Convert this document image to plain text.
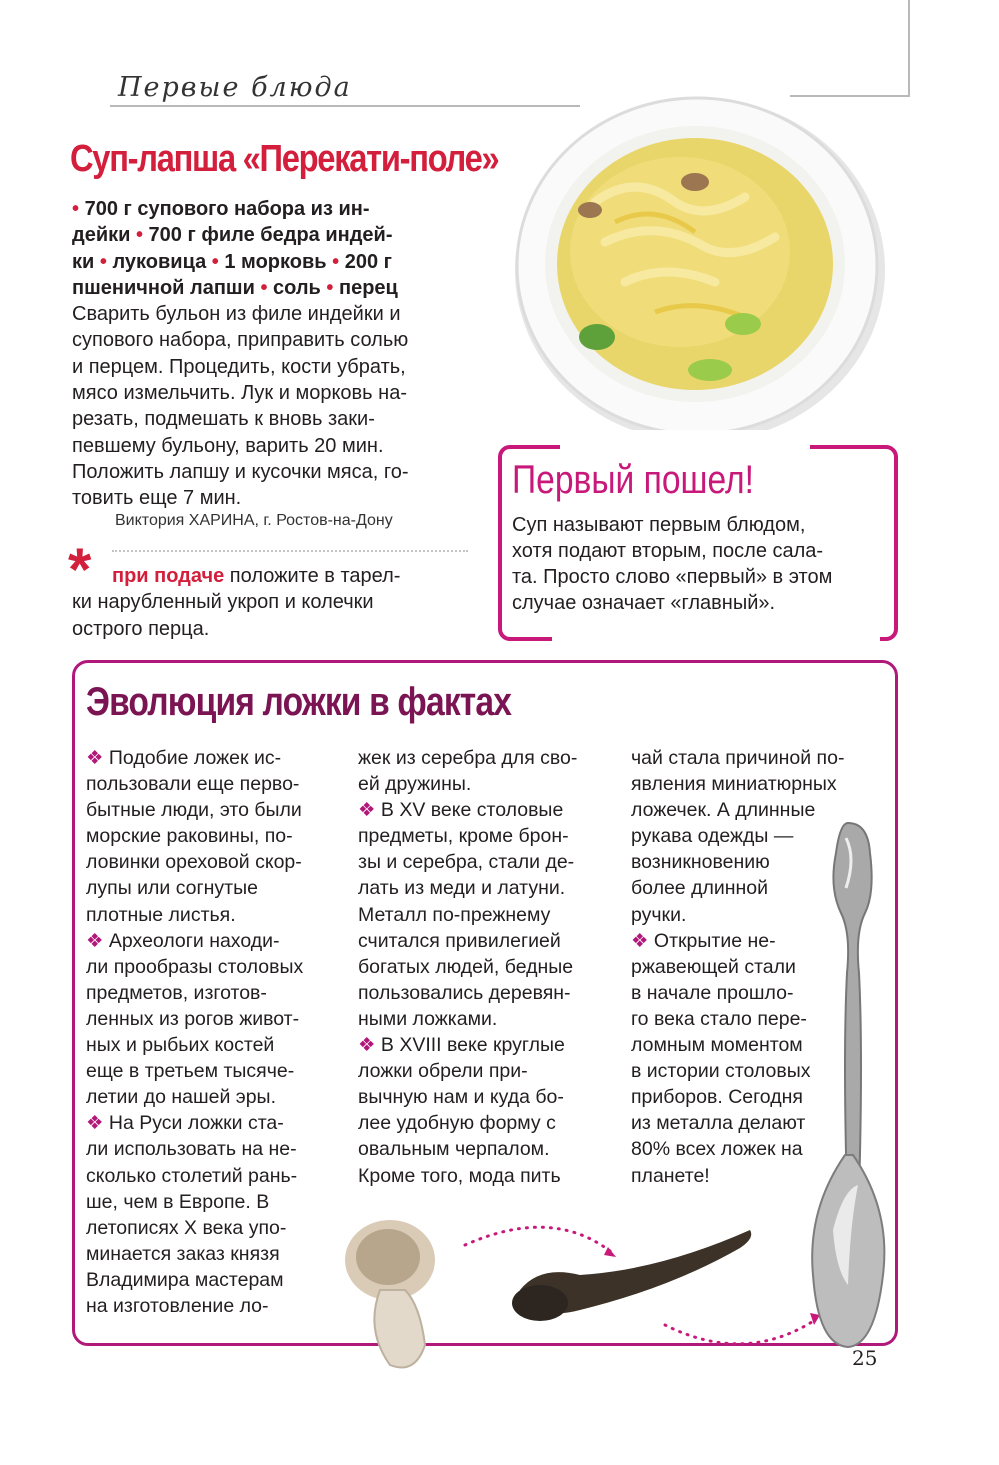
Первые блюда
Суп-лапша «Перекати-поле»
• 700 г супового набора из ин-
дейки • 700 г филе бедра индей-
ки • луковица • 1 морковь • 200 г
пшеничной лапши • соль • перец
Сварить бульон из филе индейки и
супового набора, приправить солью
и перцем. Процедить, кости убрать,
мясо измельчить. Лук и морковь на-
резать, подмешать к вновь заки-
певшему бульону, варить 20 мин.
Положить лапшу и кусочки мяса, го-
товить еще 7 мин.
Виктория ХАРИНА, г. Ростов-на-Дону
* при подаче положите в тарел-
ки нарубленный укроп и колечки
острого перца.
Первый пошел!
Суп называют первым блюдом,
хотя подают вторым, после сала-
та. Просто слово «первый» в этом
случае означает «главный».
Эволюция ложки в фактах
❖ Подобие ложек ис-
пользовали еще перво-
бытные люди, это были
морские раковины, по-
ловинки ореховой скор-
лупы или согнутые
плотные листья.
❖ Археологи находи-
ли прообразы столовых
предметов, изготов-
ленных из рогов живот-
ных и рыбьих костей
еще в третьем тысяче-
летии до нашей эры.
❖ На Руси ложки ста-
ли использовать на не-
сколько столетий рань-
ше, чем в Европе. В
летописях X века упо-
минается заказ князя
Владимира мастерам
на изготовление ло-
жек из серебра для сво-
ей дружины.
❖ В XV веке столовые
предметы, кроме брон-
зы и серебра, стали де-
лать из меди и латуни.
Металл по-прежнему
считался привилегией
богатых людей, бедные
пользовались деревян-
ными ложками.
❖ В XVIII веке круглые
ложки обрели при-
вычную нам и куда бо-
лее удобную форму с
овальным черпалом.
Кроме того, мода пить
чай стала причиной по-
явления миниатюрных
ложечек. А длинные
рукава одежды —
возникновению
более длинной
ручки.
❖ Открытие не-
ржавеющей стали
в начале прошло-
го века стало пере-
ломным моментом
в истории столовых
приборов. Сегодня
из металла делают
80% всех ложек на
планете!
25
